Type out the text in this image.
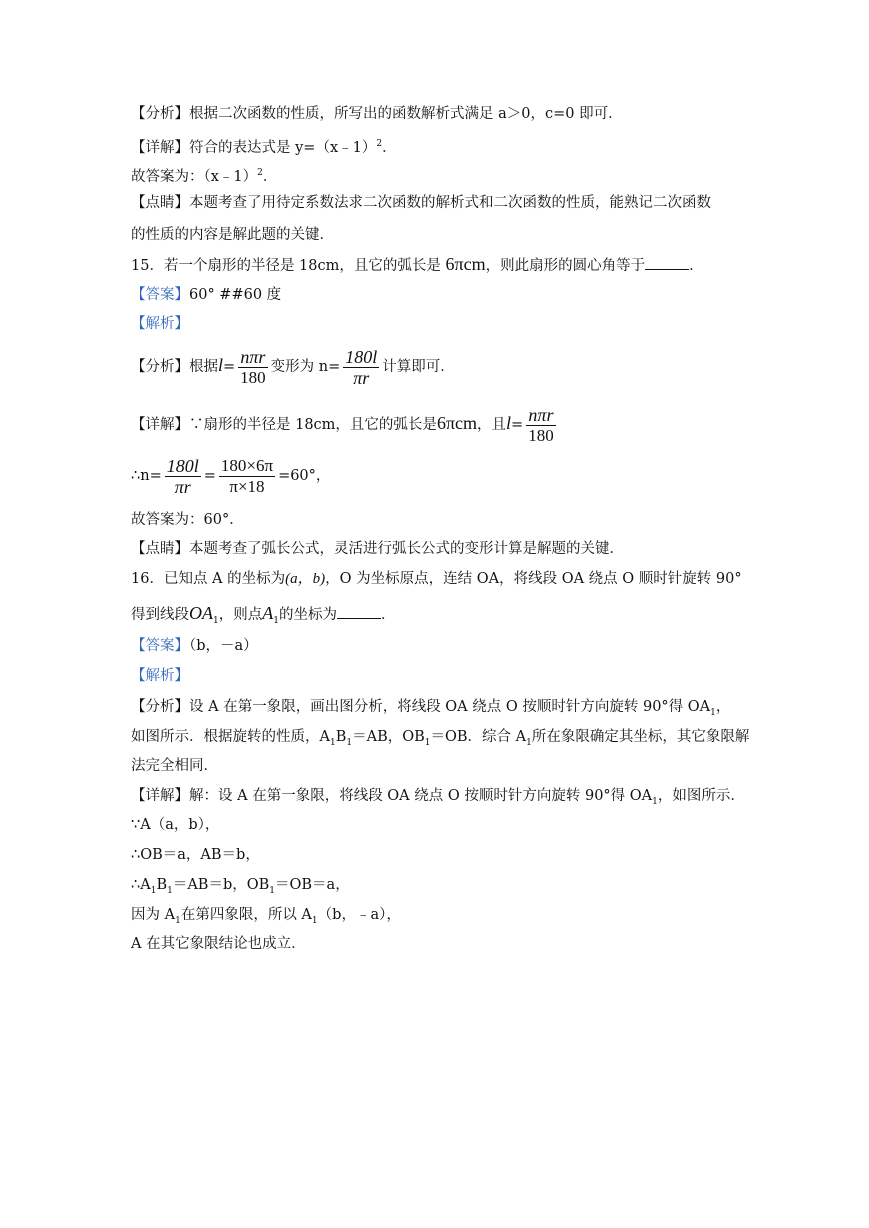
【分析】根据二次函数的性质，所写出的函数解析式满足 a＞0，c=0 即可．
【详解】符合的表达式是 y=（x﹣1）$^2$．
故答案为：（x﹣1）$^2$．
【点睛】本题考查了用待定系数法求二次函数的解析式和二次函数的性质，能熟记二次函数
的性质的内容是解此题的关键．
15．若一个扇形的半径是 18cm，且它的弧长是 6πcm，则此扇形的圆心角等于	．
【答案】60° ##60 度
【解析】
【分析】根据$l= \frac{\text{nπr}}{180}$ 变形为 $n= \frac{180l}{\pi r}$ 计算即可．
【详解】∵扇形的半径是 18cm，且它的弧长是6πcm，且$l= \frac{\text{nπr}}{180}$
∴n= $\frac{180l}{\pi r} = \frac{180\times 6\pi}{\pi\times 18} =60^\circ$，
故答案为：60°．
【点睛】本题考查了弧长公式，灵活进行弧长公式的变形计算是解题的关键．
16．已知点 A 的坐标为(a，b)，O 为坐标原点，连结 OA，将线段 OA 绕点 O 顺时针旋转 90°
得到线段$OA_1$，则点$A_1$的坐标为	．
【答案】（b，－a）
【解析】
【分析】设 A 在第一象限，画出图分析，将线段 OA 绕点 O 按顺时针方向旋转 90°得 $OA_1$，
如图所示．根据旋转的性质，$A_1B_1=AB$，$OB_1=OB$．综合 $A_1$所在象限确定其坐标，其它象限解
法完全相同．
【详解】解：设 A 在第一象限，将线段 OA 绕点 O 按顺时针方向旋转 90°得 $OA_1$，如图所示．
∵A（a，b），
∴OB＝a，AB＝b，
$\therefore A_1B_1=AB=b$，$OB_1=OB=a$，
因为 $A_1$在第四象限，所以 $A_1(b$，﹣a），
A 在其它象限结论也成立．
